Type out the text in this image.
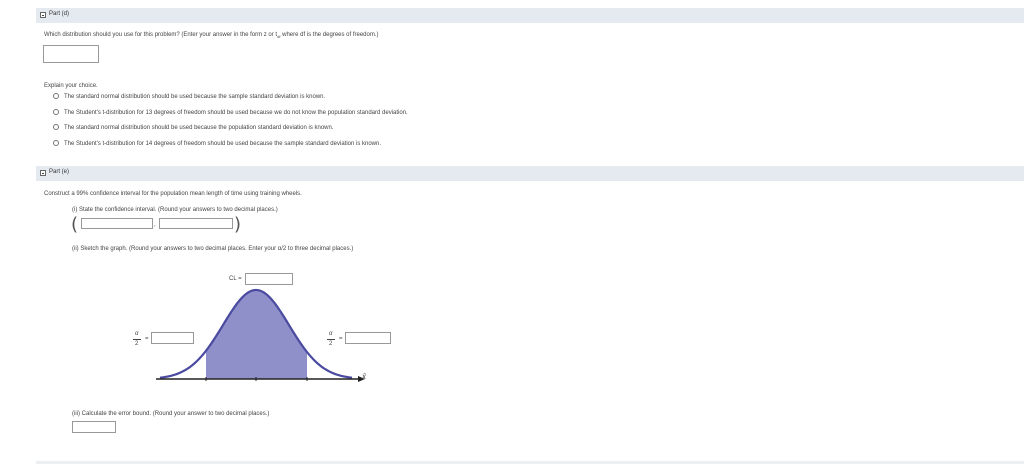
Part (d)
Which distribution should you use for this problem? (Enter your answer in the form z or $t_{df}$ where df is the degrees of freedom.)
Explain your choice.
The standard normal distribution should be used because the sample standard deviation is known.
The Student's t-distribution for 13 degrees of freedom should be used because we do not know the population standard deviation.
The standard normal distribution should be used because the population standard deviation is known.
The Student's t-distribution for 14 degrees of freedom should be used because the sample standard deviation is known.
Part (e)
Construct a 99% confidence interval for the population mean length of time using training wheels.
(i) State the confidence interval. (Round your answers to two decimal places.)
(	,	)
(ii) Sketch the graph. (Round your answers to two decimal places. Enter your α/2 to three decimal places.)
CL =
α
2
=
α
2
=
x̄
(iii) Calculate the error bound. (Round your answer to two decimal places.)
